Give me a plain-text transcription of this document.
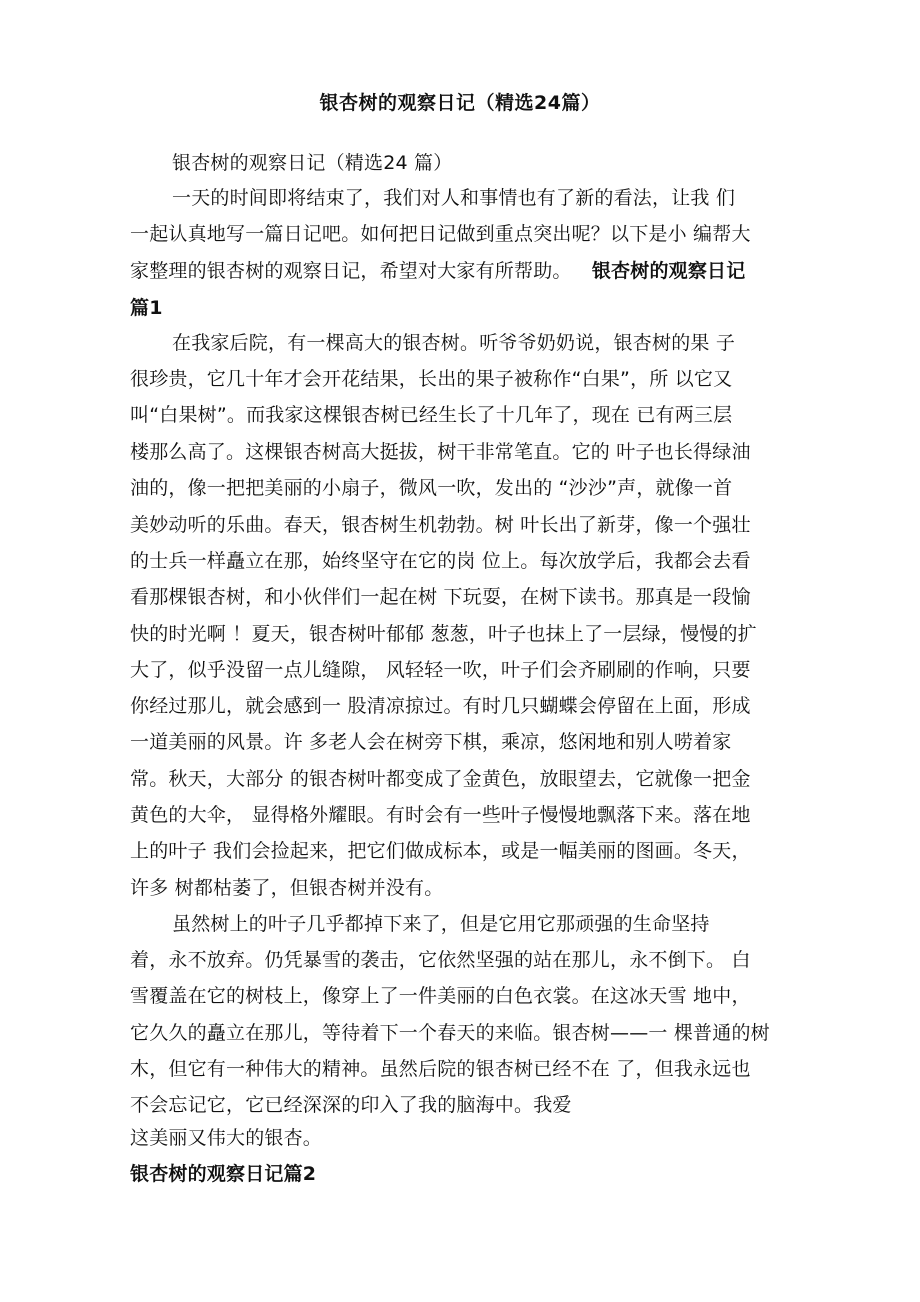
银杏树的观察日记（精选24篇）
银杏树的观察日记（精选24 篇）
一天的时间即将结束了，我们对人和事情也有了新的看法，让我 们
一起认真地写一篇日记吧。如何把日记做到重点突出呢？以下是小 编帮大
家整理的银杏树的观察日记，希望对大家有所帮助。 银杏树的观察日记
篇1
在我家后院，有一棵高大的银杏树。听爷爷奶奶说，银杏树的果 子
很珍贵，它几十年才会开花结果，长出的果子被称作“白果”，所 以它又
叫“白果树”。而我家这棵银杏树已经生长了十几年了，现在 已有两三层
楼那么高了。这棵银杏树高大挺拔，树干非常笔直。它的 叶子也长得绿油
油的，像一把把美丽的小扇子，微风一吹，发出的 “沙沙”声，就像一首
美妙动听的乐曲。春天，银杏树生机勃勃。树 叶长出了新芽，像一个强壮
的士兵一样矗立在那，始终坚守在它的岗 位上。每次放学后，我都会去看
看那棵银杏树，和小伙伴们一起在树 下玩耍，在树下读书。那真是一段愉
快的时光啊 ！夏天，银杏树叶郁郁 葱葱，叶子也抹上了一层绿，慢慢的扩
大了，似乎没留一点儿缝隙， 风轻轻一吹，叶子们会齐刷刷的作响，只要
你经过那儿，就会感到一 股清凉掠过。有时几只蝴蝶会停留在上面，形成
一道美丽的风景。许 多老人会在树旁下棋，乘凉，悠闲地和别人唠着家
常。秋天，大部分 的银杏树叶都变成了金黄色，放眼望去，它就像一把金
黄色的大伞， 显得格外耀眼。有时会有一些叶子慢慢地飘落下来。落在地
上的叶子 我们会捡起来，把它们做成标本，或是一幅美丽的图画。冬天，
许多 树都枯萎了，但银杏树并没有。
虽然树上的叶子几乎都掉下来了，但是它用它那顽强的生命坚持
着，永不放弃。仍凭暴雪的袭击，它依然坚强的站在那儿，永不倒下。 白
雪覆盖在它的树枝上，像穿上了一件美丽的白色衣裳。在这冰天雪 地中，
它久久的矗立在那儿，等待着下一个春天的来临。银杏树——一 棵普通的树
木，但它有一种伟大的精神。虽然后院的银杏树已经不在 了，但我永远也
不会忘记它，它已经深深的印入了我的脑海中。我爱
这美丽又伟大的银杏。
银杏树的观察日记篇2
